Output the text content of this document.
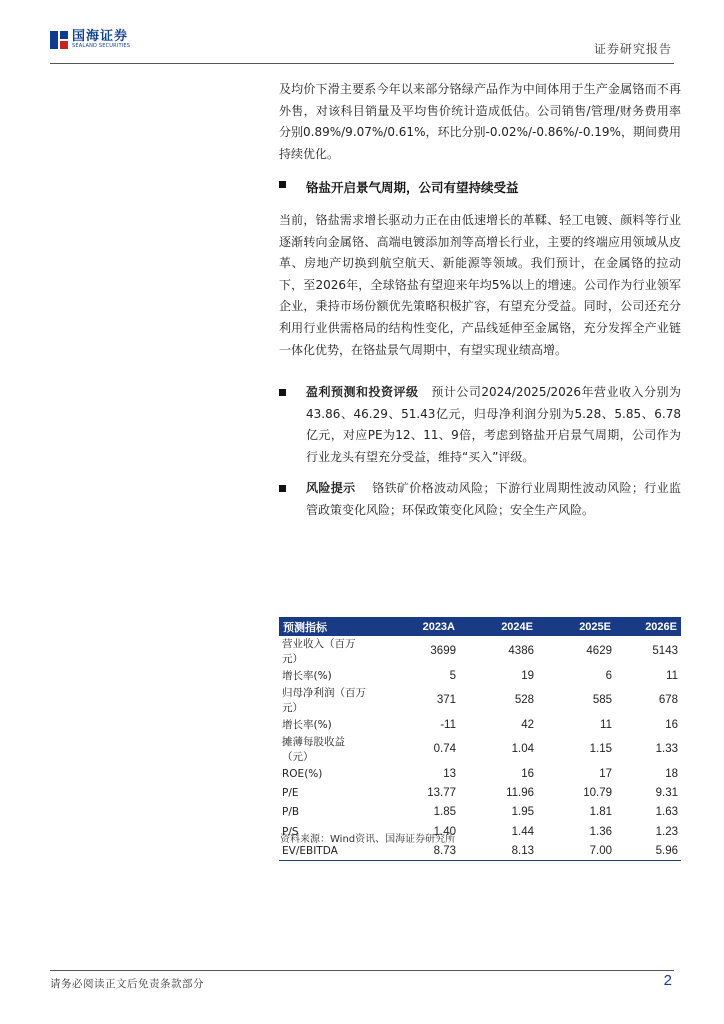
国海证券
SEALAND SECURITIES	证券研究报告

及均价下滑主要系今年以来部分铬绿产品作为中间体用于生产金属铬而不再外售，对该科目销量及平均售价统计造成低估。公司销售/管理/财务费用率分别0.89%/9.07%/0.61%，环比分别-0.02%/-0.86%/-0.19%，期间费用持续优化。

铬盐开启景气周期，公司有望持续受益

当前，铬盐需求增长驱动力正在由低速增长的革鞣、轻工电镀、颜料等行业逐渐转向金属铬、高端电镀添加剂等高增长行业，主要的终端应用领域从皮革、房地产切换到航空航天、新能源等领域。我们预计，在金属铬的拉动下，至2026年，全球铬盐有望迎来年均5%以上的增速。公司作为行业领军企业，秉持市场份额优先策略积极扩容，有望充分受益。同时，公司还充分利用行业供需格局的结构性变化，产品线延伸至金属铬，充分发挥全产业链一体化优势，在铬盐景气周期中，有望实现业绩高增。

盈利预测和投资评级 预计公司2024/2025/2026年营业收入分别为43.86、46.29、51.43亿元，归母净利润分别为5.28、5.85、6.78亿元，对应PE为12、11、9倍，考虑到铬盐开启景气周期，公司作为行业龙头有望充分受益，维持“买入”评级。

风险提示 铬铁矿价格波动风险；下游行业周期性波动风险；行业监管政策变化风险；环保政策变化风险；安全生产风险。

预测指标	2023A	2024E	2025E	2026E
营业收入（百万元）	3699	4386	4629	5143
增长率(%)	5	19	6	11
归母净利润（百万元）	371	528	585	678
增长率(%)	-11	42	11	16
摊薄每股收益（元）	0.74	1.04	1.15	1.33
ROE(%)	13	16	17	18
P/E	13.77	11.96	10.79	9.31
P/B	1.85	1.95	1.81	1.63
P/S	1.40	1.44	1.36	1.23
EV/EBITDA	8.73	8.13	7.00	5.96
资料来源：Wind资讯、国海证券研究所
请务必阅读正文后免责条款部分	2
